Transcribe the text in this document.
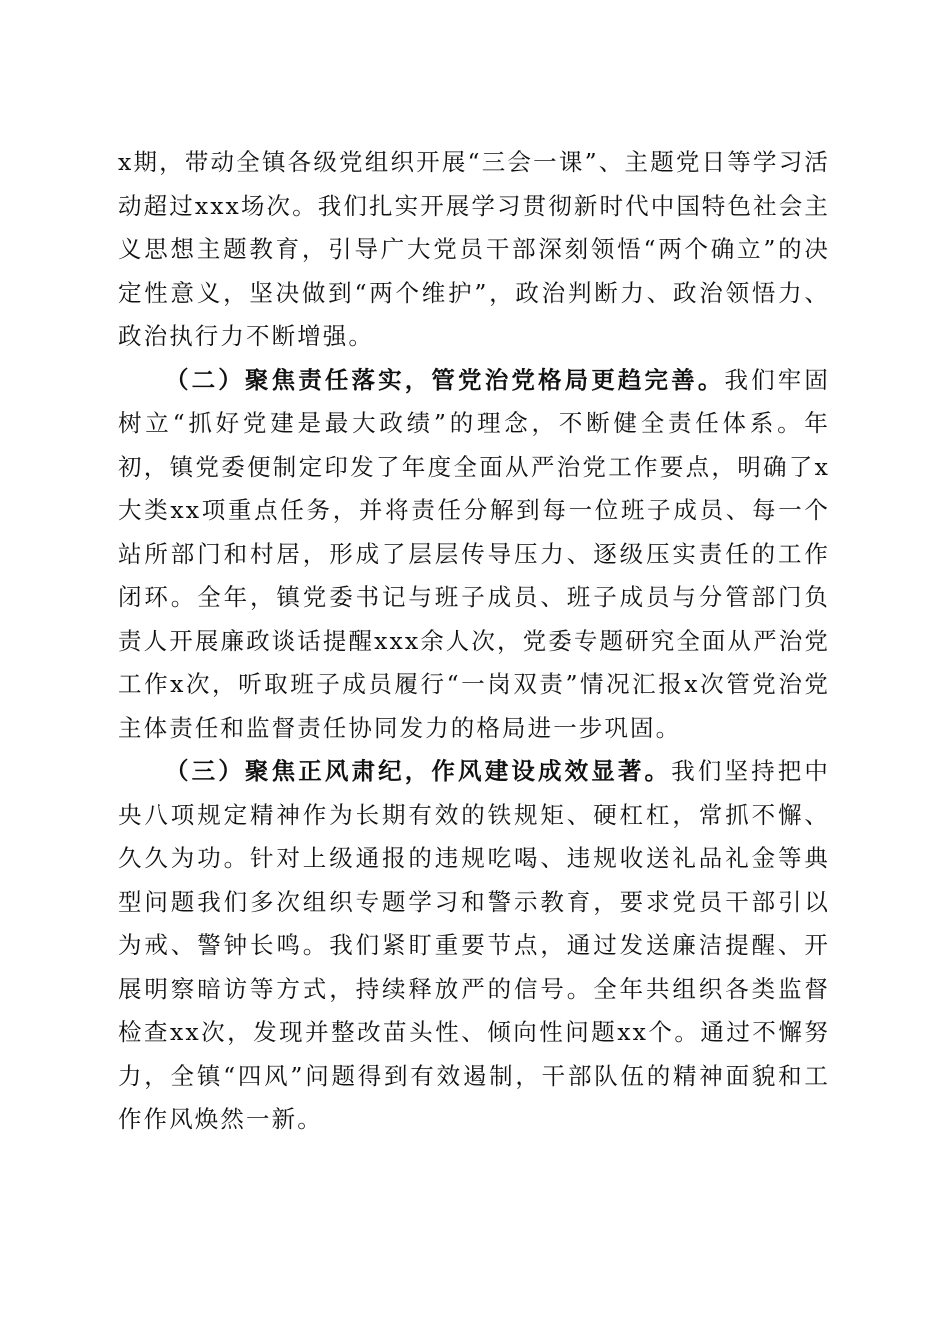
x期，带动全镇各级党组织开展“三会一课”、主题党日等学习活动超过xxx场次。我们扎实开展学习贯彻新时代中国特色社会主义思想主题教育，引导广大党员干部深刻领悟“两个确立”的决定性意义，坚决做到“两个维护”，政治判断力、政治领悟力、政治执行力不断增强。

（二）聚焦责任落实，管党治党格局更趋完善。我们牢固树立“抓好党建是最大政绩”的理念，不断健全责任体系。年初，镇党委便制定印发了年度全面从严治党工作要点，明确了x大类xx项重点任务，并将责任分解到每一位班子成员、每一个站所部门和村居，形成了层层传导压力、逐级压实责任的工作闭环。全年，镇党委书记与班子成员、班子成员与分管部门负责人开展廉政谈话提醒xxx余人次，党委专题研究全面从严治党工作x次，听取班子成员履行“一岗双责”情况汇报x次管党治党主体责任和监督责任协同发力的格局进一步巩固。

（三）聚焦正风肃纪，作风建设成效显著。我们坚持把中央八项规定精神作为长期有效的铁规矩、硬杠杠，常抓不懈、久久为功。针对上级通报的违规吃喝、违规收送礼品礼金等典型问题我们多次组织专题学习和警示教育，要求党员干部引以为戒、警钟长鸣。我们紧盯重要节点，通过发送廉洁提醒、开展明察暗访等方式，持续释放严的信号。全年共组织各类监督检查xx次，发现并整改苗头性、倾向性问题xx个。通过不懈努力，全镇“四风”问题得到有效遏制，干部队伍的精神面貌和工作作风焕然一新。
